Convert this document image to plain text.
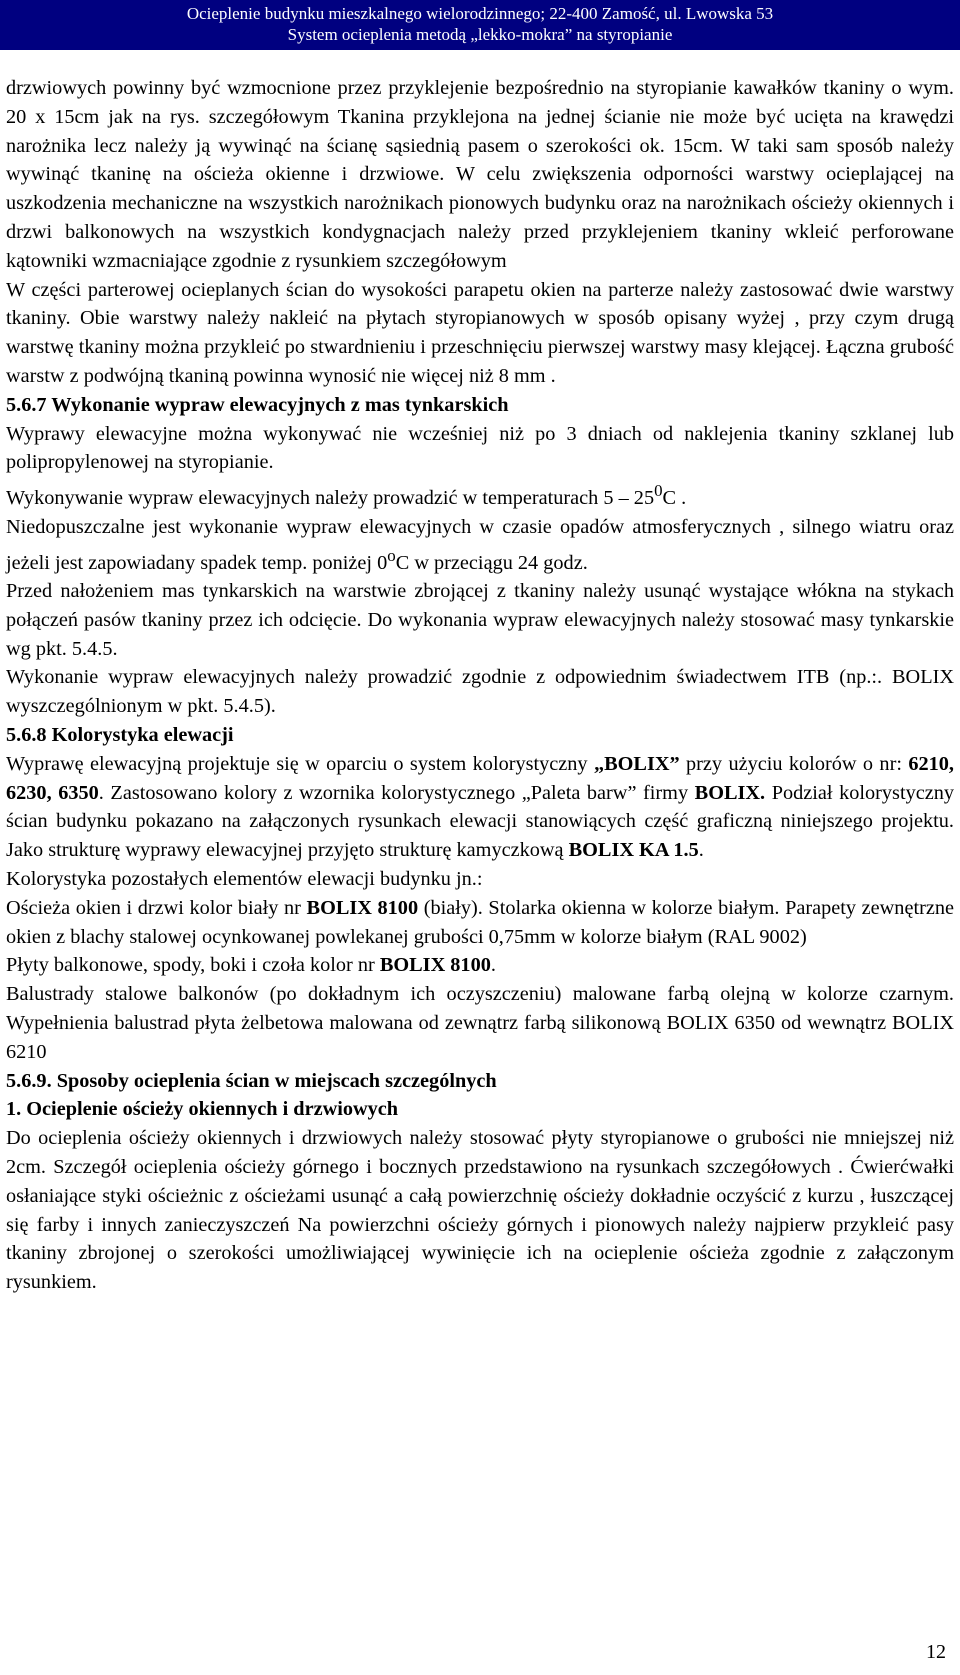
Ocieplenie budynku mieszkalnego wielorodzinnego; 22-400 Zamość, ul. Lwowska 53
System ocieplenia metodą „lekko-mokra” na styropianie

drzwiowych powinny być wzmocnione przez przyklejenie bezpośrednio na styropianie kawałków tkaniny o wym. 20 x 15cm jak na rys. szczegółowym Tkanina przyklejona na jednej ścianie nie może być ucięta na krawędzi narożnika lecz należy ją wywinąć na ścianę sąsiednią pasem o szerokości ok. 15cm. W taki sam sposób należy wywinąć tkaninę na ościeża okienne i drzwiowe. W celu zwiększenia odporności warstwy ocieplającej na uszkodzenia mechaniczne na wszystkich narożnikach pionowych budynku oraz na narożnikach ościeży okiennych i drzwi balkonowych na wszystkich kondygnacjach należy przed przyklejeniem tkaniny wkleić perforowane kątowniki wzmacniające zgodnie z rysunkiem szczegółowym

W części parterowej ocieplanych ścian do wysokości parapetu okien na parterze należy zastosować dwie warstwy tkaniny. Obie warstwy należy nakleić na płytach styropianowych w sposób opisany wyżej , przy czym drugą warstwę tkaniny można przykleić po stwardnieniu i przeschnięciu pierwszej warstwy masy klejącej. Łączna grubość warstw z podwójną tkaniną powinna wynosić nie więcej niż 8 mm .

5.6.7 Wykonanie wypraw elewacyjnych z mas tynkarskich

Wyprawy elewacyjne można wykonywać nie wcześniej niż po 3 dniach od naklejenia tkaniny szklanej lub polipropylenowej na styropianie.

Wykonywanie wypraw elewacyjnych należy prowadzić w temperaturach $5 - 25^0C$ .

Niedopuszczalne jest wykonanie wypraw elewacyjnych w czasie opadów atmosferycznych , silnego wiatru oraz jeżeli jest zapowiadany spadek temp. poniżej 0$^o$C w przeciągu 24 godz.

Przed nałożeniem mas tynkarskich na warstwie zbrojącej z tkaniny należy usunąć wystające włókna na stykach połączeń pasów tkaniny przez ich odcięcie. Do wykonania wypraw elewacyjnych należy stosować masy tynkarskie wg pkt. 5.4.5.

Wykonanie wypraw elewacyjnych należy prowadzić zgodnie z odpowiednim świadectwem ITB (np.:. BOLIX wyszczególnionym w pkt. 5.4.5).

5.6.8 Kolorystyka elewacji

Wyprawę elewacyjną projektuje się w oparciu o system kolorystyczny „BOLIX” przy użyciu kolorów o nr: 6210, 6230, 6350. Zastosowano kolory z wzornika kolorystycznego „Paleta barw” firmy BOLIX. Podział kolorystyczny ścian budynku pokazano na załączonych rysunkach elewacji stanowiących część graficzną niniejszego projektu. Jako strukturę wyprawy elewacyjnej przyjęto strukturę kamyczkową BOLIX KA 1.5.

Kolorystyka pozostałych elementów elewacji budynku jn.:

Ościeża okien i drzwi kolor biały nr BOLIX 8100 (biały). Stolarka okienna w kolorze białym. Parapety zewnętrzne okien z blachy stalowej ocynkowanej powlekanej grubości 0,75mm w kolorze białym (RAL 9002)

Płyty balkonowe, spody, boki i czoła kolor nr BOLIX 8100.

Balustrady stalowe balkonów (po dokładnym ich oczyszczeniu) malowane farbą olejną w kolorze czarnym. Wypełnienia balustrad płyta żelbetowa malowana od zewnątrz farbą silikonową BOLIX 6350 od wewnątrz BOLIX 6210

5.6.9. Sposoby ocieplenia ścian w miejscach szczególnych
1. Ocieplenie ościeży okiennych i drzwiowych

Do ocieplenia ościeży okiennych i drzwiowych należy stosować płyty styropianowe o grubości nie mniejszej niż 2cm. Szczegół ocieplenia ościeży górnego i bocznych przedstawiono na rysunkach szczegółowych . Ćwierćwałki osłaniające styki ościeżnic z ościeżami usunąć a całą powierzchnię ościeży dokładnie oczyścić z kurzu , łuszczącej się farby i innych zanieczyszczeń Na powierzchni ościeży górnych i pionowych należy najpierw przykleić pasy tkaniny zbrojonej o szerokości umożliwiającej wywinięcie ich na ocieplenie ościeża zgodnie z załączonym rysunkiem.

12
